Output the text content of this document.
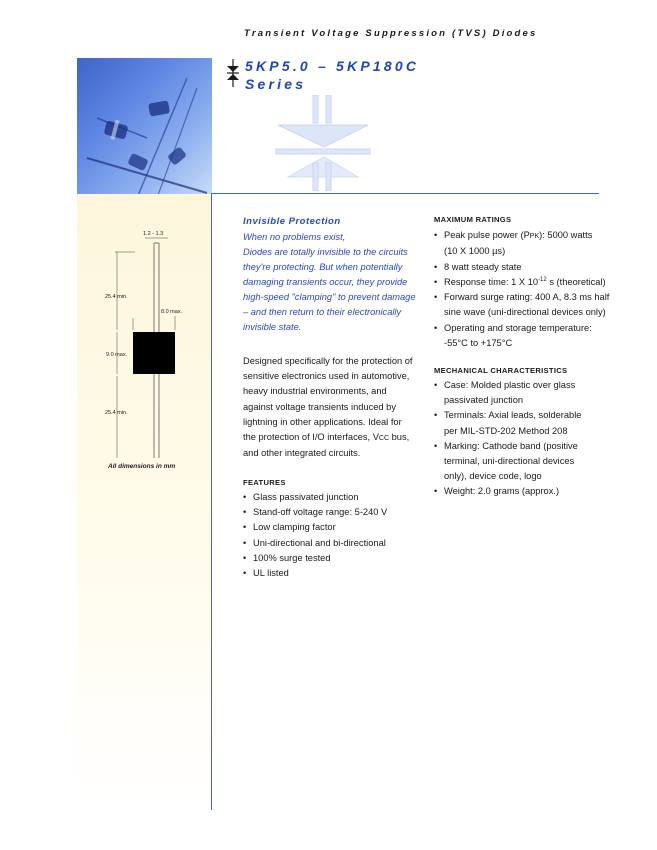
Transient Voltage Suppression (TVS) Diodes
5KP5.0 – 5KP180C
Series
1.2 - 1.3
25.4 min.
8.0 max.
9.0 max.
25.4 min.
All dimensions in mm
Invisible Protection
When no problems exist,
Diodes are totally invisible to the circuits
they're protecting. But when potentially
damaging transients occur, they provide
high-speed "clamping" to prevent damage
– and then return to their electronically
invisible state.
Designed specifically for the protection of
sensitive electronics used in automotive,
heavy industrial environments, and
against voltage transients induced by
lightning in other applications. Ideal for
the protection of I/O interfaces, VCC bus,
and other integrated circuits.
FEATURES
• Glass passivated junction
• Stand-off voltage range: 5-240 V
• Low clamping factor
• Uni-directional and bi-directional
• 100% surge tested
• UL listed
MAXIMUM RATINGS
• Peak pulse power (PPK): 5000 watts
(10 X 1000 µs)
• 8 watt steady state
• Response time: 1 X $10^{-12}$ s (theoretical)
• Forward surge rating: 400 A, 8.3 ms half
sine wave (uni-directional devices only)
• Operating and storage temperature:
-55°C to +175°C
MECHANICAL CHARACTERISTICS
• Case: Molded plastic over glass
passivated junction
• Terminals: Axial leads, solderable
per MIL-STD-202 Method 208
• Marking: Cathode band (positive
terminal, uni-directional devices
only), device code, logo
• Weight: 2.0 grams (approx.)
